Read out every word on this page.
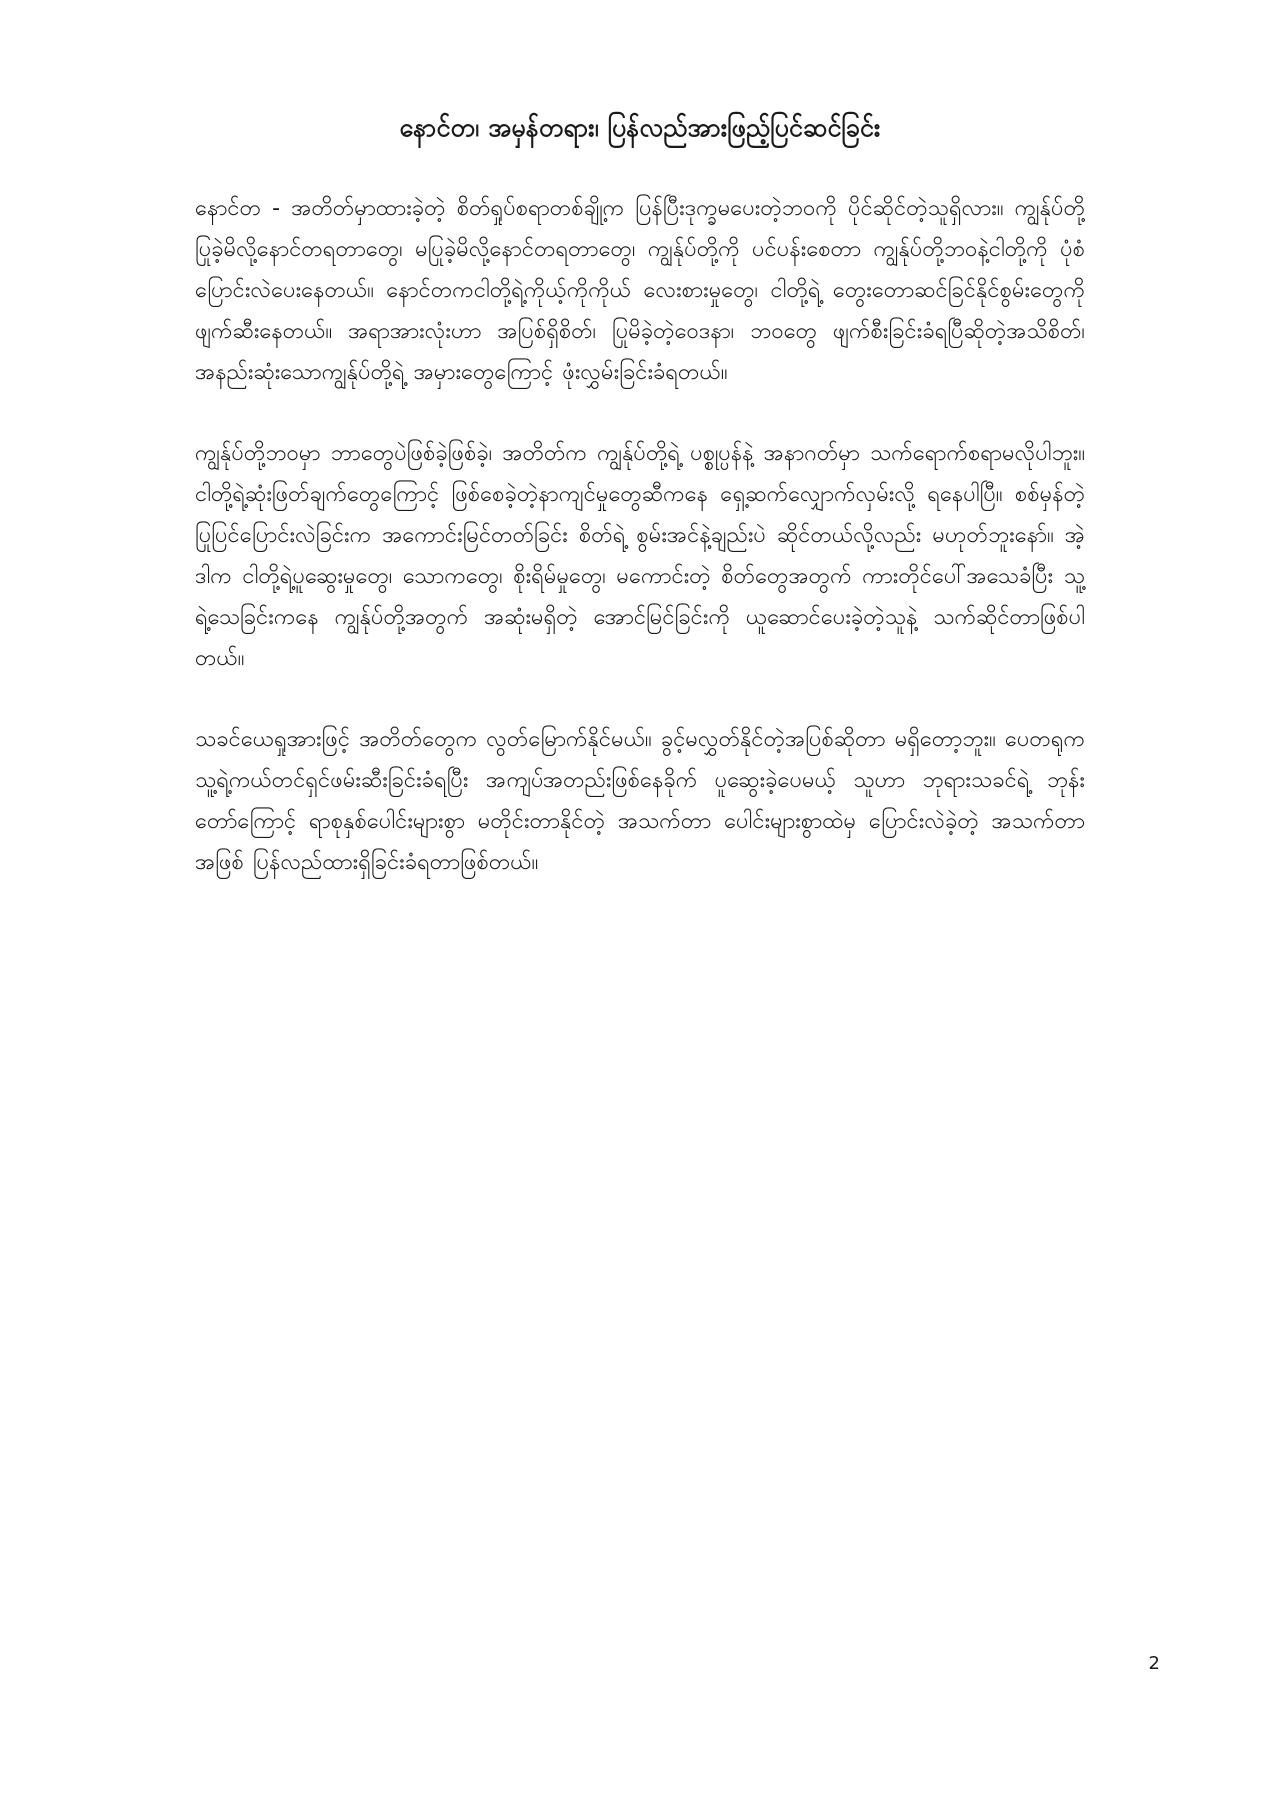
နောင်တ၊ အမှန်တရား၊ ပြန်လည်အားဖြည့်ပြင်ဆင်ခြင်း

နောင်တ - အတိတ်မှာထားခဲ့တဲ့ စိတ်ရှုပ်စရာတစ်ချို့က ပြန်ပြီးဒုက္ခမပေးတဲ့ဘဝကို ပိုင်ဆိုင်တဲ့သူရှိလား။ ကျွန်ုပ်တို့ ပြုခဲ့မိလို့နောင်တရတာတွေ၊ မပြုခဲ့မိလို့နောင်တရတာတွေ၊ ကျွန်ုပ်တို့ကို ပင်ပန်းစေတာ ကျွန်ုပ်တို့ဘဝနဲ့ငါတို့ကို ပုံစံပြောင်းလဲပေးနေတယ်။ နောင်တကငါတို့ရဲ့ကိုယ့်ကိုကိုယ် လေးစားမှုတွေ၊ ငါတို့ရဲ့ တွေးတောဆင်ခြင်နိုင်စွမ်းတွေကို ဖျက်ဆီးနေတယ်။ အရာအားလုံးဟာ အပြစ်ရှိစိတ်၊ ပြုမိခဲ့တဲ့ဝေဒနာ၊ ဘဝတွေ ဖျက်စီးခြင်းခံရပြီဆိုတဲ့အသိစိတ်၊ အနည်းဆုံးသောကျွန်ုပ်တို့ရဲ့ အမှားတွေကြောင့် ဖုံးလွှမ်းခြင်းခံရတယ်။

ကျွန်ုပ်တို့ဘဝမှာ ဘာတွေပဲဖြစ်ခဲ့ဖြစ်ခဲ့၊ အတိတ်က ကျွန်ုပ်တို့ရဲ့ ပစ္စုပ္ပန်နဲ့ အနာဂတ်မှာ သက်ရောက်စရာမလိုပါဘူး။ ငါတို့ရဲ့ဆုံးဖြတ်ချက်တွေကြောင့် ဖြစ်စေခဲ့တဲ့နာကျင်မှုတွေဆီကနေ ရှေ့ဆက်လျှောက်လှမ်းလို့ ရနေပါပြီ။ စစ်မှန်တဲ့ ပြုပြင်ပြောင်းလဲခြင်းက အကောင်းမြင်တတ်ခြင်း စိတ်ရဲ့ စွမ်းအင်နဲ့ချည်းပဲ ဆိုင်တယ်လို့လည်း မဟုတ်ဘူးနော်။ အဲ့ဒါက ငါတို့ရဲ့ပူဆွေးမှုတွေ၊ သောကတွေ၊ စိုးရိမ်မှုတွေ၊ မကောင်းတဲ့ စိတ်တွေအတွက် ကားတိုင်ပေါ်အသေခံပြီး သူ့ရဲ့သေခြင်းကနေ ကျွန်ုပ်တို့အတွက် အဆုံးမရှိတဲ့ အောင်မြင်ခြင်းကို ယူဆောင်ပေးခဲ့တဲ့သူနဲ့ သက်ဆိုင်တာဖြစ်ပါတယ်။

သခင်ယေရှုအားဖြင့် အတိတ်တွေက လွတ်မြောက်နိုင်မယ်။ ခွင့်မလွှတ်နိုင်တဲ့အပြစ်ဆိုတာ မရှိတော့ဘူး။ ပေတရုက သူ့ရဲ့ကယ်တင်ရှင်ဖမ်းဆီးခြင်းခံရပြီး အကျပ်အတည်းဖြစ်နေခိုက် ပူဆွေးခဲ့ပေမယ့် သူဟာ ဘုရားသခင်ရဲ့ ဘုန်းတော်ကြောင့် ရာစုနှစ်ပေါင်းများစွာ မတိုင်းတာနိုင်တဲ့ အသက်တာ ပေါင်းများစွာထဲမှ ပြောင်းလဲခဲ့တဲ့ အသက်တာအဖြစ် ပြန်လည်ထားရှိခြင်းခံရတာဖြစ်တယ်။

2
